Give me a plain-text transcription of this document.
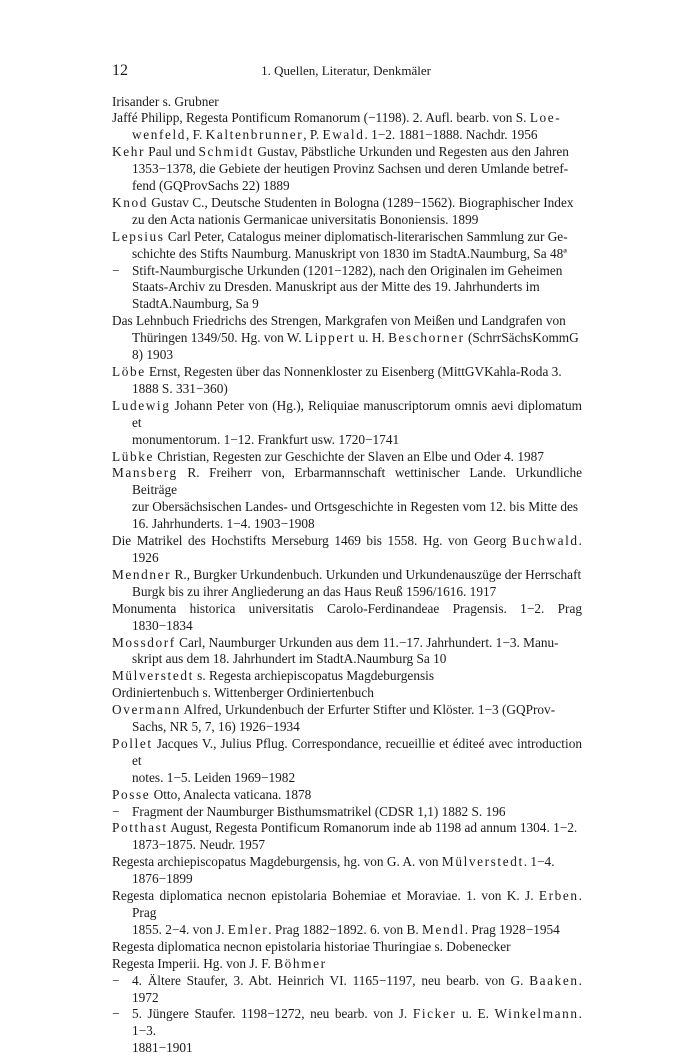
12	1. Quellen, Literatur, Denkmäler
Irisander s. Grubner
Jaffé Philipp, Regesta Pontificum Romanorum (−1198). 2. Aufl. bearb. von S. Loe-
wenfeld, F. Kaltenbrunner, P. Ewald. 1−2. 1881−1888. Nachdr. 1956
Kehr Paul und Schmidt Gustav, Päbstliche Urkunden und Regesten aus den Jahren
1353−1378, die Gebiete der heutigen Provinz Sachsen und deren Umlande betref-
fend (GQProvSachs 22) 1889
Knod Gustav C., Deutsche Studenten in Bologna (1289−1562). Biographischer Index
zu den Acta nationis Germanicae universitatis Bononiensis. 1899
Lepsius Carl Peter, Catalogus meiner diplomatisch-literarischen Sammlung zur Ge-
schichte des Stifts Naumburg. Manuskript von 1830 im StadtA.Naumburg, Sa 48ª
− Stift-Naumburgische Urkunden (1201−1282), nach den Originalen im Geheimen
Staats-Archiv zu Dresden. Manuskript aus der Mitte des 19. Jahrhunderts im
StadtA.Naumburg, Sa 9
Das Lehnbuch Friedrichs des Strengen, Markgrafen von Meißen und Landgrafen von
Thüringen 1349/50. Hg. von W. Lippert u. H. Beschorner (SchrrSächsKommG
8) 1903
Löbe Ernst, Regesten über das Nonnenkloster zu Eisenberg (MittGVKahla-Roda 3.
1888 S. 331−360)
Ludewig Johann Peter von (Hg.), Reliquiae manuscriptorum omnis aevi diplomatum et
monumentorum. 1−12. Frankfurt usw. 1720−1741
Lübke Christian, Regesten zur Geschichte der Slaven an Elbe und Oder 4. 1987
Mansberg R. Freiherr von, Erbarmannschaft wettinischer Lande. Urkundliche Beiträge
zur Obersächsischen Landes- und Ortsgeschichte in Regesten vom 12. bis Mitte des
16. Jahrhunderts. 1−4. 1903−1908
Die Matrikel des Hochstifts Merseburg 1469 bis 1558. Hg. von Georg Buchwald. 1926
Mendner R., Burgker Urkundenbuch. Urkunden und Urkundenauszüge der Herrschaft
Burgk bis zu ihrer Angliederung an das Haus Reuß 1596/1616. 1917
Monumenta historica universitatis Carolo-Ferdinandeae Pragensis. 1−2. Prag 1830−1834
Mossdorf Carl, Naumburger Urkunden aus dem 11.−17. Jahrhundert. 1−3. Manu-
skript aus dem 18. Jahrhundert im StadtA.Naumburg Sa 10
Mülverstedt s. Regesta archiepiscopatus Magdeburgensis
Ordiniertenbuch s. Wittenberger Ordiniertenbuch
Overmann Alfred, Urkundenbuch der Erfurter Stifter und Klöster. 1−3 (GQProv-
Sachs, NR 5, 7, 16) 1926−1934
Pollet Jacques V., Julius Pflug. Correspondance, recueillie et éditeé avec introduction et
notes. 1−5. Leiden 1969−1982
Posse Otto, Analecta vaticana. 1878
− Fragment der Naumburger Bisthumsmatrikel (CDSR 1,1) 1882 S. 196
Potthast August, Regesta Pontificum Romanorum inde ab 1198 ad annum 1304. 1−2.
1873−1875. Neudr. 1957
Regesta archiepiscopatus Magdeburgensis, hg. von G. A. von Mülverstedt. 1−4.
1876−1899
Regesta diplomatica necnon epistolaria Bohemiae et Moraviae. 1. von K. J. Erben. Prag
1855. 2−4. von J. Emler. Prag 1882−1892. 6. von B. Mendl. Prag 1928−1954
Regesta diplomatica necnon epistolaria historiae Thuringiae s. Dobenecker
Regesta Imperii. Hg. von J. F. Böhmer
− 4. Ältere Staufer, 3. Abt. Heinrich VI. 1165−1197, neu bearb. von G. Baaken. 1972
− 5. Jüngere Staufer. 1198−1272, neu bearb. von J. Ficker u. E. Winkelmann. 1−3.
1881−1901
